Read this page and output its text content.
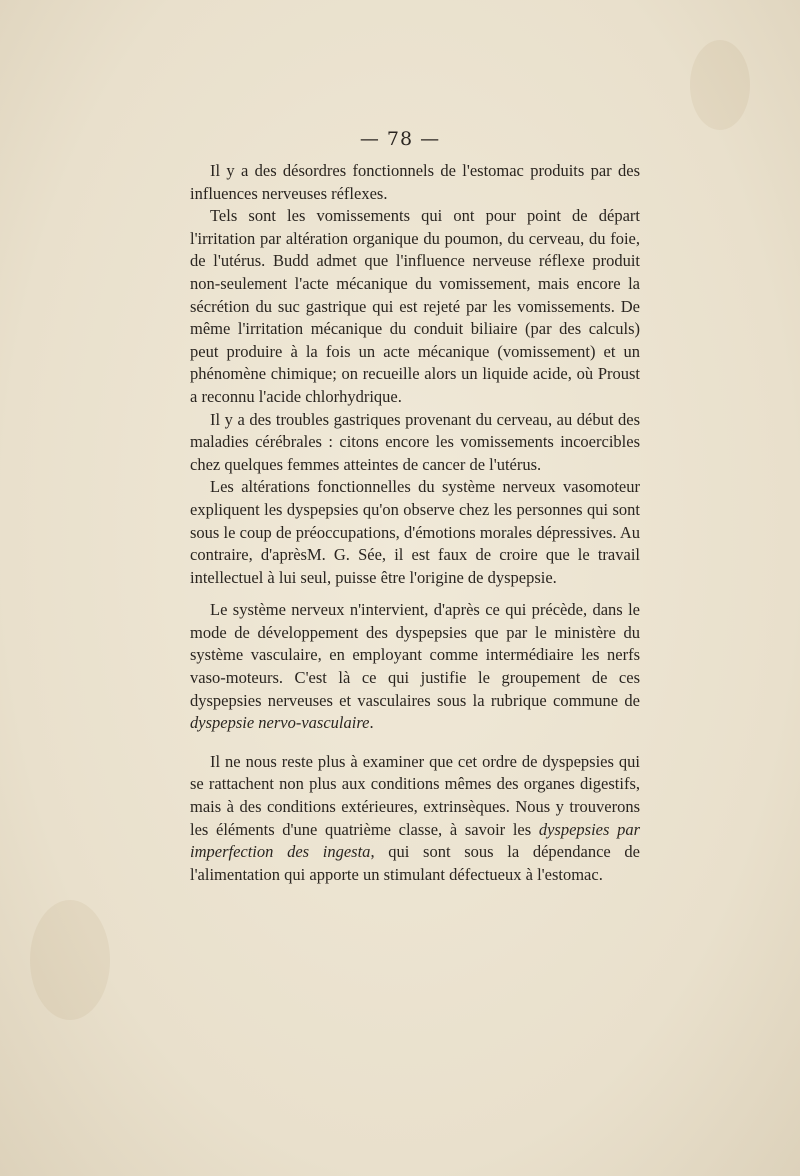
— 78 —

Il y a des désordres fonctionnels de l'estomac produits par des influences nerveuses réflexes.

Tels sont les vomissements qui ont pour point de départ l'irritation par altération organique du poumon, du cerveau, du foie, de l'utérus. Budd admet que l'influence nerveuse réflexe produit non-seulement l'acte mécanique du vomissement, mais encore la sécrétion du suc gastrique qui est rejeté par les vomissements. De même l'irritation mécanique du conduit biliaire (par des calculs) peut produire à la fois un acte mécanique (vomissement) et un phénomène chimique; on recueille alors un liquide acide, où Proust a reconnu l'acide chlorhydrique.

Il y a des troubles gastriques provenant du cerveau, au début des maladies cérébrales : citons encore les vomissements incoercibles chez quelques femmes atteintes de cancer de l'utérus.

Les altérations fonctionnelles du système nerveux vasomoteur expliquent les dyspepsies qu'on observe chez les personnes qui sont sous le coup de préoccupations, d'émotions morales dépressives. Au contraire, d'aprèsM. G. Sée, il est faux de croire que le travail intellectuel à lui seul, puisse être l'origine de dyspepsie.

Le système nerveux n'intervient, d'après ce qui précède, dans le mode de développement des dyspepsies que par le ministère du système vasculaire, en employant comme intermédiaire les nerfs vaso-moteurs. C'est là ce qui justifie le groupement de ces dyspepsies nerveuses et vasculaires sous la rubrique commune de dyspepsie nervo-vasculaire.

Il ne nous reste plus à examiner que cet ordre de dyspepsies qui se rattachent non plus aux conditions mêmes des organes digestifs, mais à des conditions extérieures, extrinsèques. Nous y trouverons les éléments d'une quatrième classe, à savoir les dyspepsies par imperfection des ingesta, qui sont sous la dépendance de l'alimentation qui apporte un stimulant défectueux à l'estomac.
